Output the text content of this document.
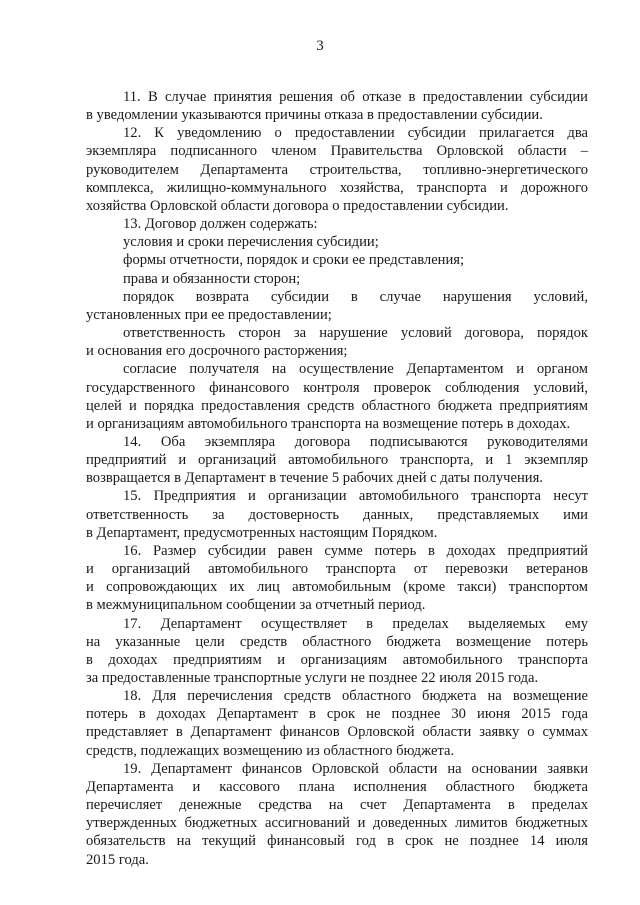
3
11. В случае принятия решения об отказе в предоставлении субсидии
в уведомлении указываются причины отказа в предоставлении субсидии.
12. К уведомлению о предоставлении субсидии прилагается два
экземпляра подписанного членом Правительства Орловской области –
руководителем Департамента строительства, топливно-энергетического
комплекса, жилищно-коммунального хозяйства, транспорта и дорожного
хозяйства Орловской области договора о предоставлении субсидии.
13. Договор должен содержать:
условия и сроки перечисления субсидии;
формы отчетности, порядок и сроки ее представления;
права и обязанности сторон;
порядок возврата субсидии в случае нарушения условий,
установленных при ее предоставлении;
ответственность сторон за нарушение условий договора, порядок
и основания его досрочного расторжения;
согласие получателя на осуществление Департаментом и органом
государственного финансового контроля проверок соблюдения условий,
целей и порядка предоставления средств областного бюджета предприятиям
и организациям автомобильного транспорта на возмещение потерь в доходах.
14. Оба экземпляра договора подписываются руководителями
предприятий и организаций автомобильного транспорта, и 1 экземпляр
возвращается в Департамент в течение 5 рабочих дней с даты получения.
15. Предприятия и организации автомобильного транспорта несут
ответственность за достоверность данных, представляемых ими
в Департамент, предусмотренных настоящим Порядком.
16. Размер субсидии равен сумме потерь в доходах предприятий
и организаций автомобильного транспорта от перевозки ветеранов
и сопровождающих их лиц автомобильным (кроме такси) транспортом
в межмуниципальном сообщении за отчетный период.
17. Департамент осуществляет в пределах выделяемых ему
на указанные цели средств областного бюджета возмещение потерь
в доходах предприятиям и организациям автомобильного транспорта
за предоставленные транспортные услуги не позднее 22 июля 2015 года.
18. Для перечисления средств областного бюджета на возмещение
потерь в доходах Департамент в срок не позднее 30 июня 2015 года
представляет в Департамент финансов Орловской области заявку о суммах
средств, подлежащих возмещению из областного бюджета.
19. Департамент финансов Орловской области на основании заявки
Департамента и кассового плана исполнения областного бюджета
перечисляет денежные средства на счет Департамента в пределах
утвержденных бюджетных ассигнований и доведенных лимитов бюджетных
обязательств на текущий финансовый год в срок не позднее 14 июля
2015 года.
